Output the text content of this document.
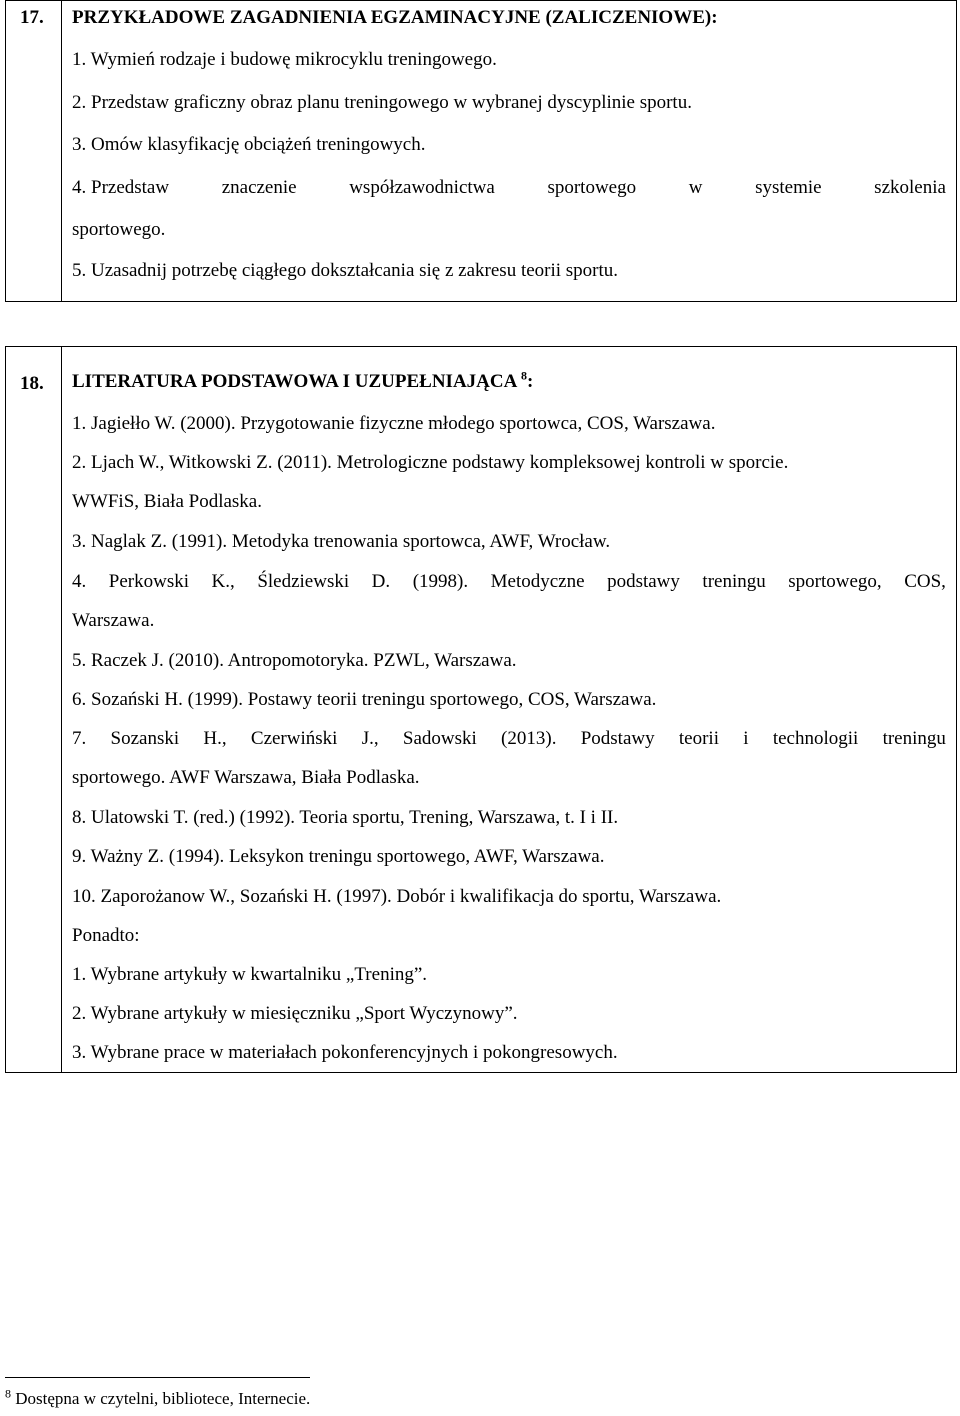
17. PRZYKŁADOWE ZAGADNIENIA EGZAMINACYJNE (ZALICZENIOWE):
1. Wymień rodzaje i budowę mikrocyklu treningowego.
2. Przedstaw graficzny obraz planu treningowego w wybranej dyscyplinie sportu.
3. Omów klasyfikację obciążeń treningowych.
4. Przedstaw	znaczenie	współzawodnictwa	sportowego	w	systemie	szkolenia
sportowego.
5. Uzasadnij potrzebę ciągłego dokształcania się z zakresu teorii sportu.
18. LITERATURA PODSTAWOWA I UZUPEŁNIAJĄCA $^8$:
1. Jagiełło W. (2000). Przygotowanie fizyczne młodego sportowca, COS, Warszawa.
2. Ljach W., Witkowski Z. (2011). Metrologiczne podstawy kompleksowej kontroli w sporcie.
WWFiS, Biała Podlaska.
3. Naglak Z. (1991). Metodyka trenowania sportowca, AWF, Wrocław.
4. Perkowski K., Śledziewski D. (1998). Metodyczne podstawy treningu sportowego, COS,
Warszawa.
5. Raczek J. (2010). Antropomotoryka. PZWL, Warszawa.
6. Sozański H. (1999). Postawy teorii treningu sportowego, COS, Warszawa.
7. Sozanski H., Czerwiński J., Sadowski (2013). Podstawy teorii i technologii treningu
sportowego. AWF Warszawa, Biała Podlaska.
8. Ulatowski T. (red.) (1992). Teoria sportu, Trening, Warszawa, t. I i II.
9. Ważny Z. (1994). Leksykon treningu sportowego, AWF, Warszawa.
10. Zaporożanow W., Sozański H. (1997). Dobór i kwalifikacja do sportu, Warszawa.
Ponadto:
1. Wybrane artykuły w kwartalniku „Trening”.
2. Wybrane artykuły w miesięczniku „Sport Wyczynowy”.
3. Wybrane prace w materiałach pokonferencyjnych i pokongresowych.
$^8$ Dostępna w czytelni, bibliotece, Internecie.
